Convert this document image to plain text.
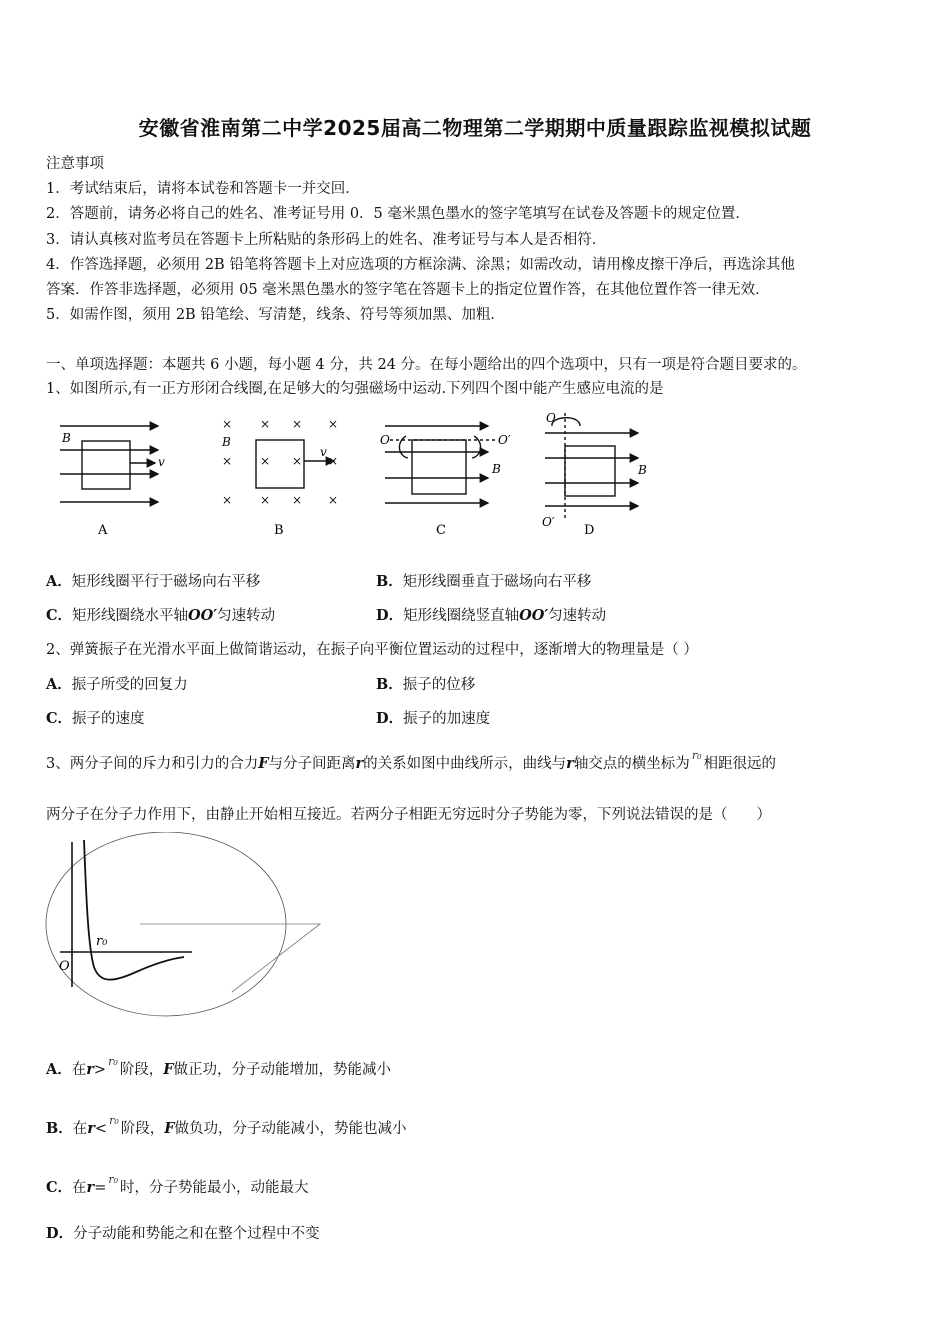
安徽省淮南第二中学2025届高二物理第二学期期中质量跟踪监视模拟试题
注意事项
1．考试结束后，请将本试卷和答题卡一并交回．
2．答题前，请务必将自己的姓名、准考证号用 0．5 毫米黑色墨水的签字笔填写在试卷及答题卡的规定位置．
3．请认真核对监考员在答题卡上所粘贴的条形码上的姓名、准考证号与本人是否相符．
4．作答选择题，必须用 2B 铅笔将答题卡上对应选项的方框涂满、涂黑；如需改动，请用橡皮擦干净后，再选涂其他
答案．作答非选择题，必须用 05 毫米黑色墨水的签字笔在答题卡上的指定位置作答，在其他位置作答一律无效．
5．如需作图，须用 2B 铅笔绘、写清楚，线条、符号等须加黑、加粗．
一、单项选择题：本题共 6 小题，每小题 4 分，共 24 分。在每小题给出的四个选项中，只有一项是符合题目要求的。
1、如图所示,有一正方形闭合线圈,在足够大的匀强磁场中运动.下列四个图中能产生感应电流的是
B
v
A
× × × ×
× × × ×
× × × ×
B
v
B
O	O′
B
C
O
O′
B
D
A．矩形线圈平行于磁场向右平移	B．矩形线圈垂直于磁场向右平移
C．矩形线圈绕水平轴OO′匀速转动	D．矩形线圈绕竖直轴OO′匀速转动
2、弹簧振子在光滑水平面上做简谐运动，在振子向平衡位置运动的过程中，逐渐增大的物理量是（ ）
A．振子所受的回复力	B．振子的位移
C．振子的速度	D．振子的加速度
3、两分子间的斥力和引力的合力F与分子间距离r的关系如图中曲线所示，曲线与r轴交点的横坐标为$^{r_0}$相距很远的
两分子在分子力作用下，由静止开始相互接近。若两分子相距无穷远时分子势能为零，下列说法错误的是（　　）
r₀
O
A．在r>$^{r_0}$阶段，F做正功，分子动能增加，势能减小
B．在r<$^{r_0}$阶段，F做负功，分子动能减小，势能也减小
C．在r=$^{r_0}$时，分子势能最小，动能最大
D．分子动能和势能之和在整个过程中不变
